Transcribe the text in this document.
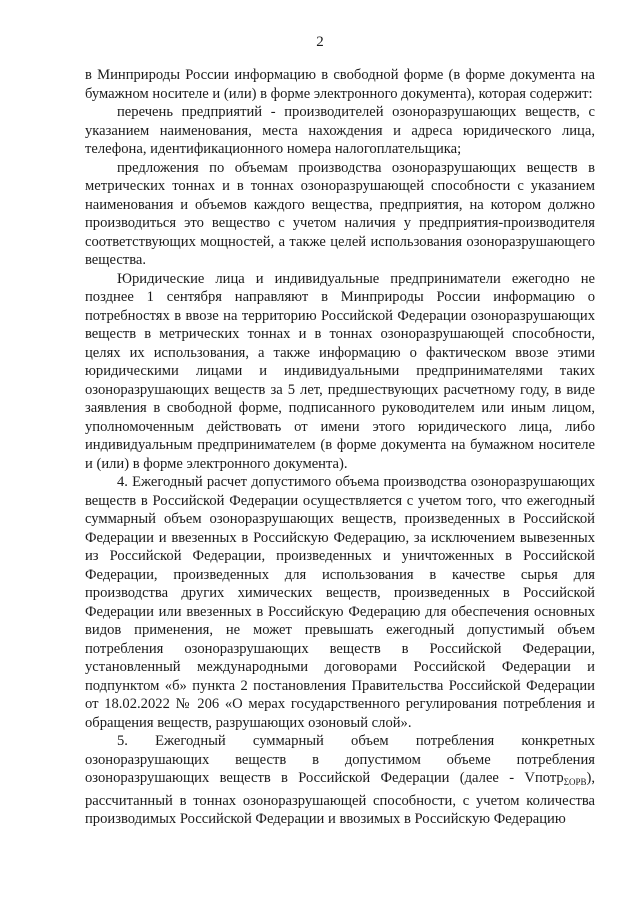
2

в Минприроды России информацию в свободной форме (в форме документа на бумажном носителе и (или) в форме электронного документа), которая содержит:

перечень предприятий - производителей озоноразрушающих веществ, с указанием наименования, места нахождения и адреса юридического лица, телефона, идентификационного номера налогоплательщика;

предложения по объемам производства озоноразрушающих веществ в метрических тоннах и в тоннах озоноразрушающей способности с указанием наименования и объемов каждого вещества, предприятия, на котором должно производиться это вещество с учетом наличия у предприятия-производителя соответствующих мощностей, а также целей использования озоноразрушающего вещества.

Юридические лица и индивидуальные предприниматели ежегодно не позднее 1 сентября направляют в Минприроды России информацию о потребностях в ввозе на территорию Российской Федерации озоноразрушающих веществ в метрических тоннах и в тоннах озоноразрушающей способности, целях их использования, а также информацию о фактическом ввозе этими юридическими лицами и индивидуальными предпринимателями таких озоноразрушающих веществ за 5 лет, предшествующих расчетному году, в виде заявления в свободной форме, подписанного руководителем или иным лицом, уполномоченным действовать от имени этого юридического лица, либо индивидуальным предпринимателем (в форме документа на бумажном носителе и (или) в форме электронного документа).

4. Ежегодный расчет допустимого объема производства озоноразрушающих веществ в Российской Федерации осуществляется с учетом того, что ежегодный суммарный объем озоноразрушающих веществ, произведенных в Российской Федерации и ввезенных в Российскую Федерацию, за исключением вывезенных из Российской Федерации, произведенных и уничтоженных в Российской Федерации, произведенных для использования в качестве сырья для производства других химических веществ, произведенных в Российской Федерации или ввезенных в Российскую Федерацию для обеспечения основных видов применения, не может превышать ежегодный допустимый объем потребления озоноразрушающих веществ в Российской Федерации, установленный международными договорами Российской Федерации и подпунктом «б» пункта 2 постановления Правительства Российской Федерации от 18.02.2022 № 206 «О мерах государственного регулирования потребления и обращения веществ, разрушающих озоновый слой».

5. Ежегодный суммарный объем потребления конкретных озоноразрушающих веществ в допустимом объеме потребления озоноразрушающих веществ в Российской Федерации (далее - Vпотр$_{\Sigma ОРВ}$), рассчитанный в тоннах озоноразрушающей способности, с учетом количества производимых Российской Федерации и ввозимых в Российскую Федерацию
